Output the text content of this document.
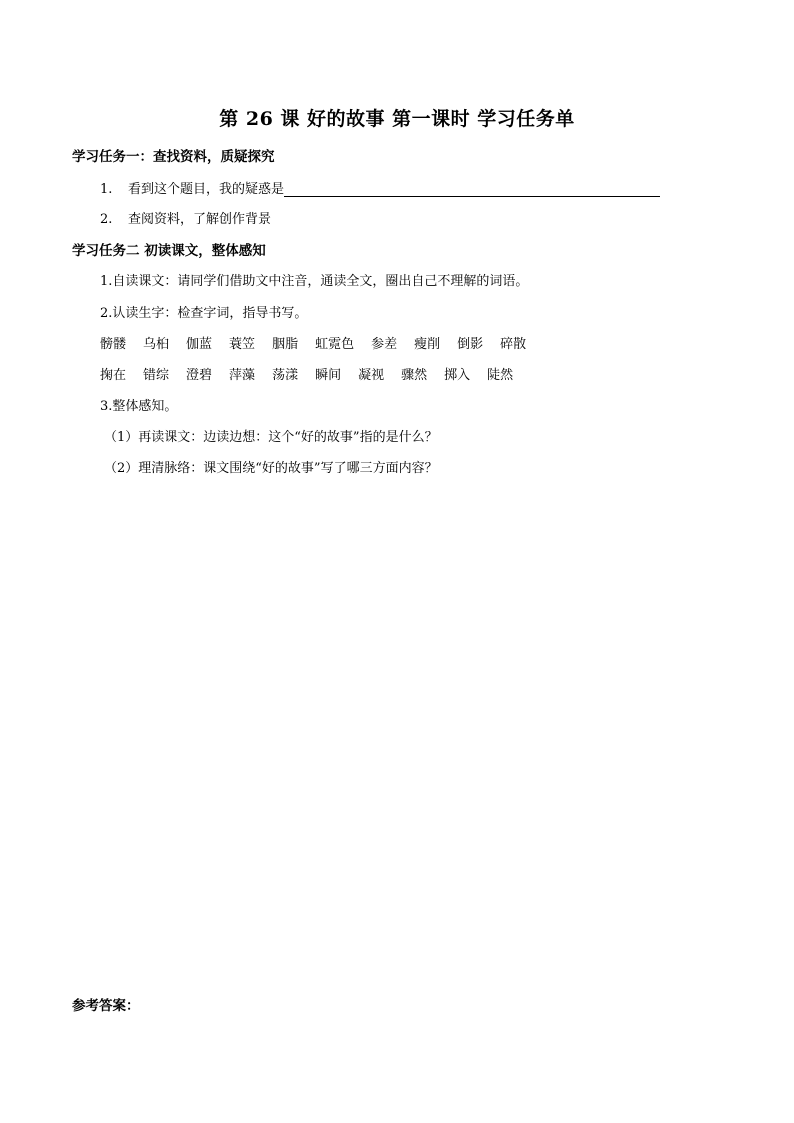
第 26 课 好的故事 第一课时 学习任务单
学习任务一：查找资料，质疑探究
1. 看到这个题目，我的疑惑是
2. 查阅资料，了解创作背景
学习任务二 初读课文，整体感知
1.自读课文：请同学们借助文中注音，通读全文，圈出自己不理解的词语。
2.认读生字：检查字词，指导书写。
髈髅 乌桕 伽蓝 蓑笠 胭脂 虹霓色 参差 瘦削 倒影 碎散
掬在 错综 澄碧 萍藻 荡漾 瞬间 凝视 骤然 掷入 陡然
3.整体感知。
（1）再读课文：边读边想：这个“好的故事”指的是什么？
（2）理清脉络：课文围绕“好的故事”写了哪三方面内容？
参考答案：
